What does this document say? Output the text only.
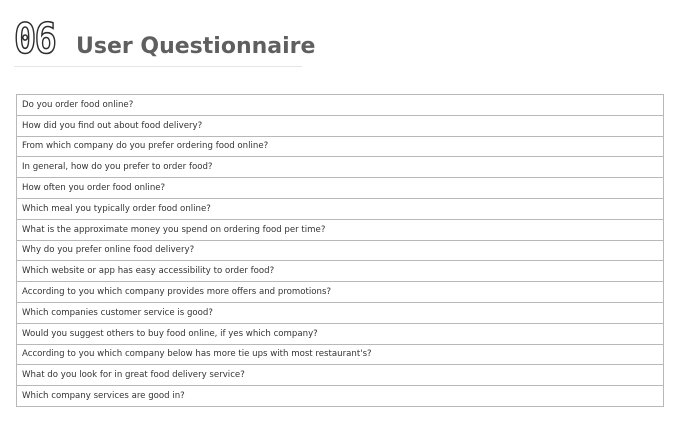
06 User Questionnaire
Do you order food online?
How did you find out about food delivery?
From which company do you prefer ordering food online?
In general, how do you prefer to order food?
How often you order food online?
Which meal you typically order food online?
What is the approximate money you spend on ordering food per time?
Why do you prefer online food delivery?
Which website or app has easy accessibility to order food?
According to you which company provides more offers and promotions?
Which companies customer service is good?
Would you suggest others to buy food online, if yes which company?
According to you which company below has more tie ups with most restaurant's?
What do you look for in great food delivery service?
Which company services are good in?
